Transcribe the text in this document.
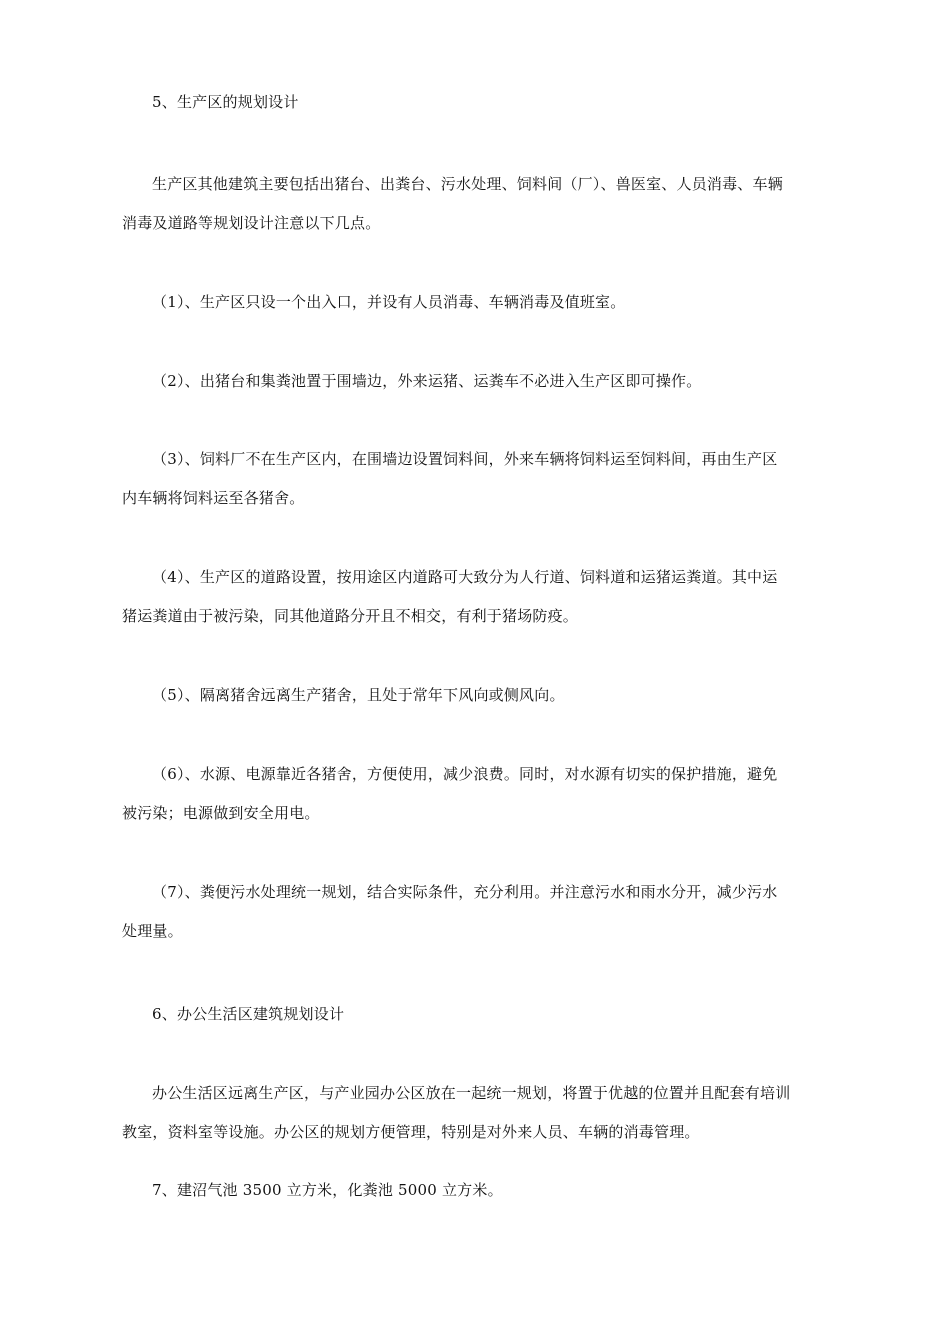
5、生产区的规划设计
生产区其他建筑主要包括出猪台、出粪台、污水处理、饲料间（厂）、兽医室、人员消毒、车辆
消毒及道路等规划设计注意以下几点。
（1）、生产区只设一个出入口，并设有人员消毒、车辆消毒及值班室。
（2）、出猪台和集粪池置于围墙边，外来运猪、运粪车不必进入生产区即可操作。
（3）、饲料厂不在生产区内，在围墙边设置饲料间，外来车辆将饲料运至饲料间，再由生产区
内车辆将饲料运至各猪舍。
（4）、生产区的道路设置，按用途区内道路可大致分为人行道、饲料道和运猪运粪道。其中运
猪运粪道由于被污染，同其他道路分开且不相交，有利于猪场防疫。
（5）、隔离猪舍远离生产猪舍，且处于常年下风向或侧风向。
（6）、水源、电源靠近各猪舍，方便使用，减少浪费。同时，对水源有切实的保护措施，避免
被污染；电源做到安全用电。
（7）、粪便污水处理统一规划，结合实际条件，充分利用。并注意污水和雨水分开，减少污水
处理量。
6、办公生活区建筑规划设计
办公生活区远离生产区，与产业园办公区放在一起统一规划，将置于优越的位置并且配套有培训
教室，资料室等设施。办公区的规划方便管理，特别是对外来人员、车辆的消毒管理。
7、建沼气池 3500 立方米，化粪池 5000 立方米。
